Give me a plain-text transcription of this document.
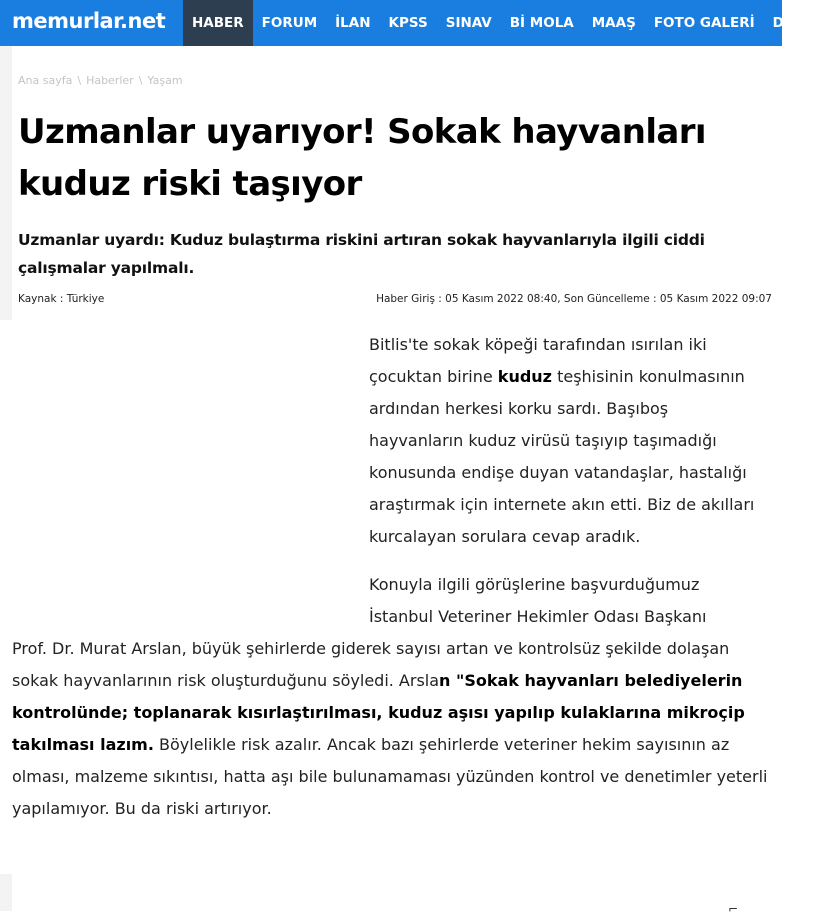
memurlar.net	HABER	FORUM	İLAN	KPSS	SINAV	Bİ MOLA	MAAŞ	FOTO GALERİ	DİĞER
Ana sayfa \ Haberler \ Yaşam
Uzmanlar uyarıyor! Sokak hayvanları kuduz riski taşıyor
Uzmanlar uyardı: Kuduz bulaştırma riskini artıran sokak hayvanlarıyla ilgili ciddi çalışmalar yapılmalı.
Kaynak : Türkiye	Haber Giriş : 05 Kasım 2022 08:40, Son Güncelleme : 05 Kasım 2022 09:07

Bitlis'te sokak köpeği tarafından ısırılan iki çocuktan birine kuduz teşhisinin konulmasının ardından herkesi korku sardı. Başıboş hayvanların kuduz virüsü taşıyıp taşımadığı konusunda endişe duyan vatandaşlar, hastalığı araştırmak için internete akın etti. Biz de akılları kurcalayan sorulara cevap aradık.

Konuyla ilgili görüşlerine başvurduğumuz İstanbul Veteriner Hekimler Odası Başkanı

Prof. Dr. Murat Arslan, büyük şehirlerde giderek sayısı artan ve kontrolsüz şekilde dolaşan sokak hayvanlarının risk oluşturduğunu söyledi. Arslan "Sokak hayvanları belediyelerin kontrolünde; toplanarak kısırlaştırılması, kuduz aşısı yapılıp kulaklarına mikroçip takılması lazım. Böylelikle risk azalır. Ancak bazı şehirlerde veteriner hekim sayısının az olması, malzeme sıkıntısı, hatta aşı bile bulunamaması yüzünden kontrol ve denetimler yeterli yapılamıyor. Bu da riski artırıyor.

⌐
